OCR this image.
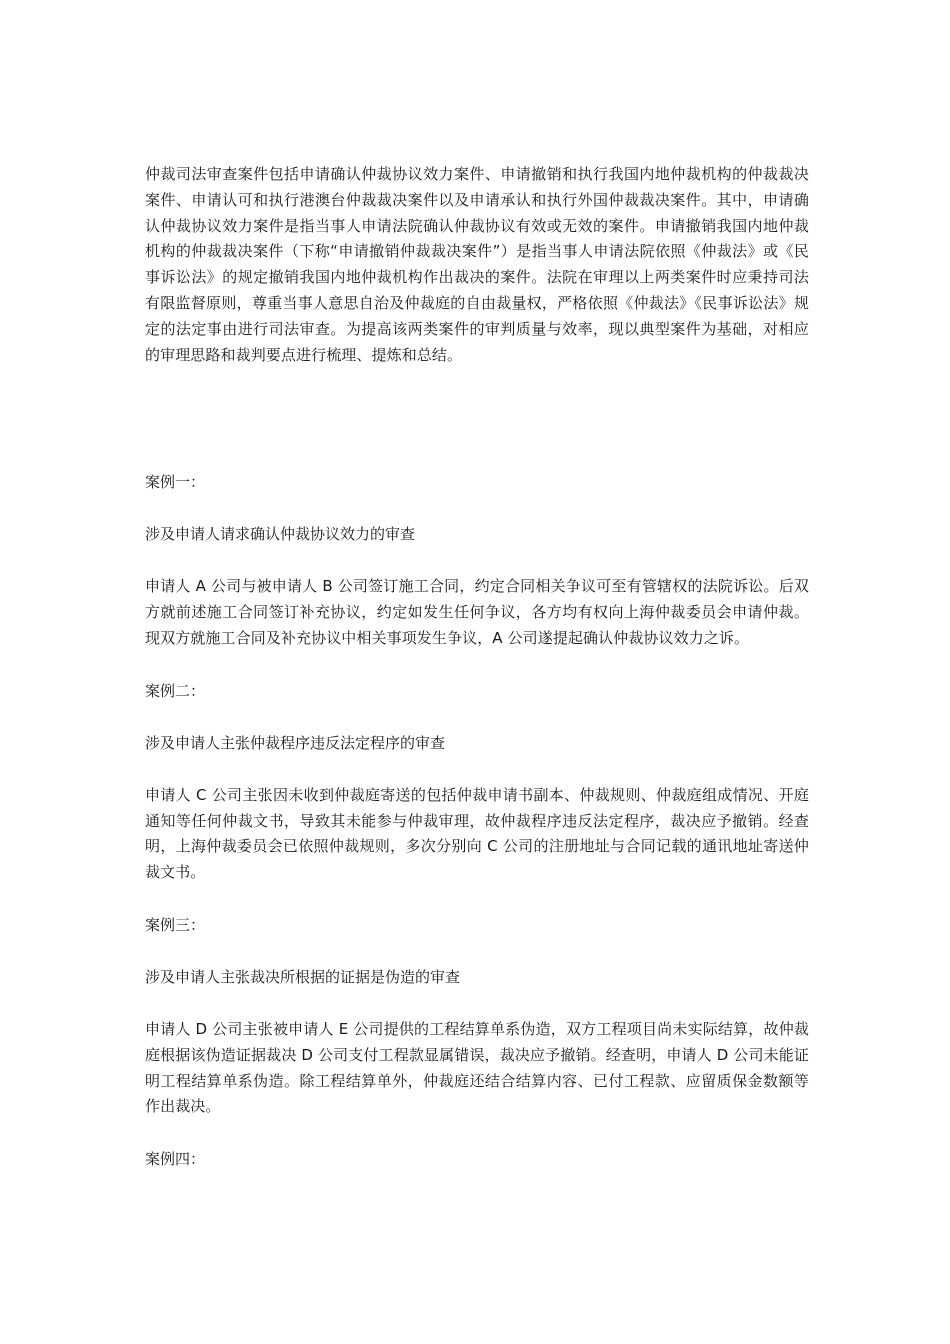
仲裁司法审查案件包括申请确认仲裁协议效力案件、申请撤销和执行我国内地仲裁机构的仲裁裁决案件、申请认可和执行港澳台仲裁裁决案件以及申请承认和执行外国仲裁裁决案件。其中，申请确认仲裁协议效力案件是指当事人申请法院确认仲裁协议有效或无效的案件。申请撤销我国内地仲裁机构的仲裁裁决案件（下称“申请撤销仲裁裁决案件”）是指当事人申请法院依照《仲裁法》或《民事诉讼法》的规定撤销我国内地仲裁机构作出裁决的案件。法院在审理以上两类案件时应秉持司法有限监督原则，尊重当事人意思自治及仲裁庭的自由裁量权，严格依照《仲裁法》《民事诉讼法》规定的法定事由进行司法审查。为提高该两类案件的审判质量与效率，现以典型案件为基础，对相应的审理思路和裁判要点进行梳理、提炼和总结。

案例一：

涉及申请人请求确认仲裁协议效力的审查

申请人 A 公司与被申请人 B 公司签订施工合同，约定合同相关争议可至有管辖权的法院诉讼。后双方就前述施工合同签订补充协议，约定如发生任何争议，各方均有权向上海仲裁委员会申请仲裁。现双方就施工合同及补充协议中相关事项发生争议，A 公司遂提起确认仲裁协议效力之诉。

案例二：

涉及申请人主张仲裁程序违反法定程序的审查

申请人 C 公司主张因未收到仲裁庭寄送的包括仲裁申请书副本、仲裁规则、仲裁庭组成情况、开庭通知等任何仲裁文书，导致其未能参与仲裁审理，故仲裁程序违反法定程序，裁决应予撤销。经查明，上海仲裁委员会已依照仲裁规则，多次分别向 C 公司的注册地址与合同记载的通讯地址寄送仲裁文书。

案例三：

涉及申请人主张裁决所根据的证据是伪造的审查

申请人 D 公司主张被申请人 E 公司提供的工程结算单系伪造，双方工程项目尚未实际结算，故仲裁庭根据该伪造证据裁决 D 公司支付工程款显属错误，裁决应予撤销。经查明，申请人 D 公司未能证明工程结算单系伪造。除工程结算单外，仲裁庭还结合结算内容、已付工程款、应留质保金数额等作出裁决。

案例四：
